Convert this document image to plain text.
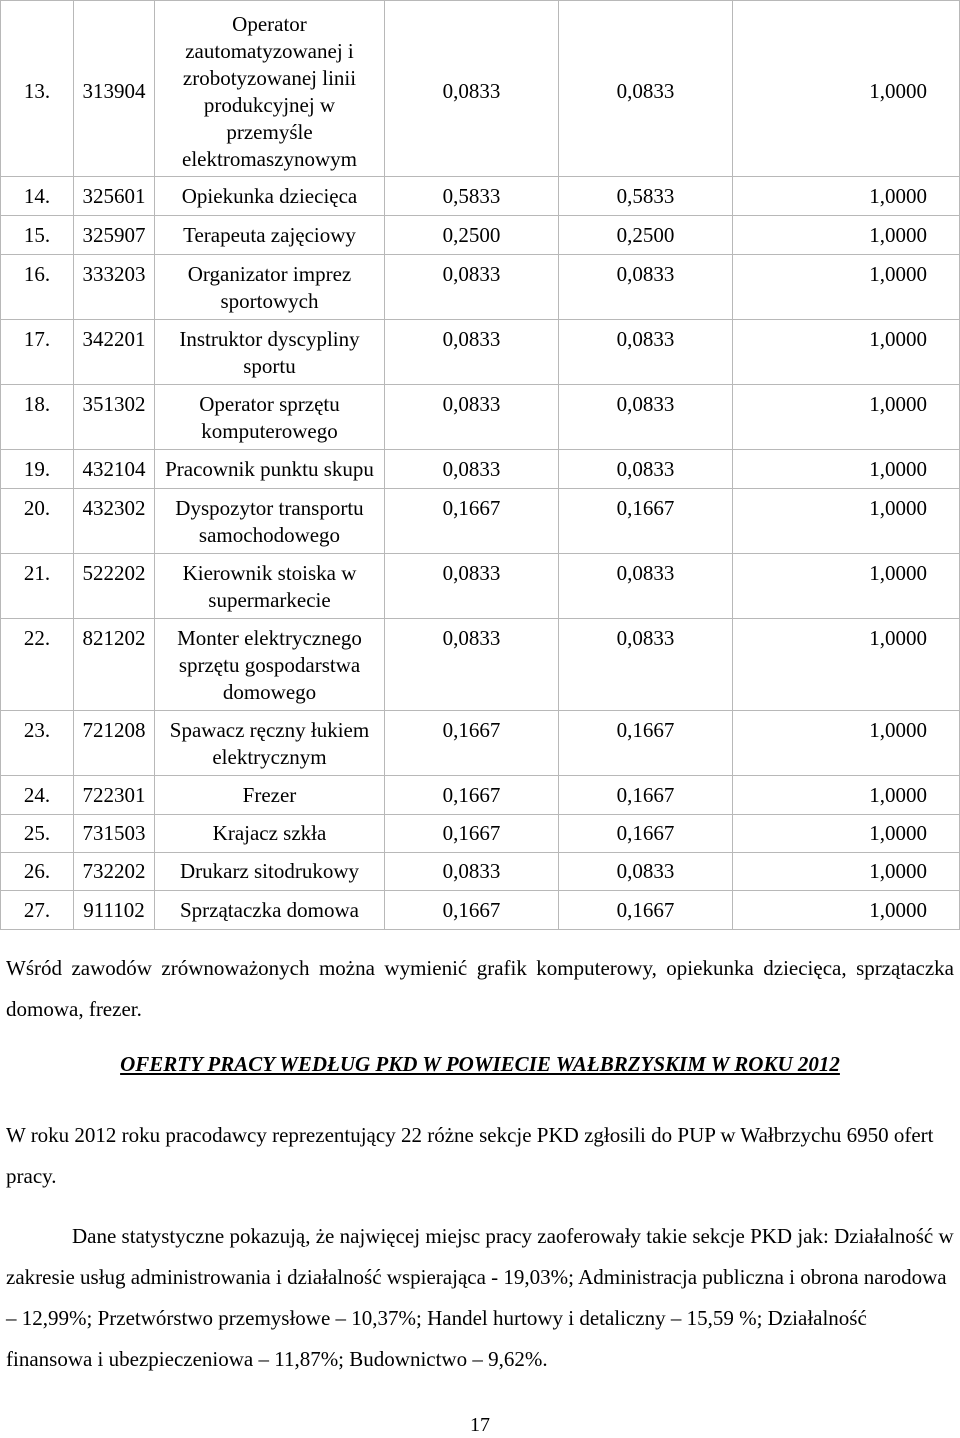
13.	313904	Operator zautomatyzowanej i zrobotyzowanej linii produkcyjnej w przemyśle elektromaszynowym	0,0833	0,0833	1,0000
14.	325601	Opiekunka dziecięca	0,5833	0,5833	1,0000
15.	325907	Terapeuta zajęciowy	0,2500	0,2500	1,0000
16.	333203	Organizator imprez sportowych	0,0833	0,0833	1,0000
17.	342201	Instruktor dyscypliny sportu	0,0833	0,0833	1,0000
18.	351302	Operator sprzętu komputerowego	0,0833	0,0833	1,0000
19.	432104	Pracownik punktu skupu	0,0833	0,0833	1,0000
20.	432302	Dyspozytor transportu samochodowego	0,1667	0,1667	1,0000
21.	522202	Kierownik stoiska w supermarkecie	0,0833	0,0833	1,0000
22.	821202	Monter elektrycznego sprzętu gospodarstwa domowego	0,0833	0,0833	1,0000
23.	721208	Spawacz ręczny łukiem elektrycznym	0,1667	0,1667	1,0000
24.	722301	Frezer	0,1667	0,1667	1,0000
25.	731503	Krajacz szkła	0,1667	0,1667	1,0000
26.	732202	Drukarz sitodrukowy	0,0833	0,0833	1,0000
27.	911102	Sprzątaczka domowa	0,1667	0,1667	1,0000

Wśród zawodów zrównoważonych można wymienić grafik komputerowy, opiekunka dziecięca, sprzątaczka domowa, frezer.

OFERTY PRACY WEDŁUG PKD W POWIECIE WAŁBRZYSKIM W ROKU 2012

W roku 2012 roku pracodawcy reprezentujący 22 różne sekcje PKD zgłosili do PUP w Wałbrzychu 6950 ofert pracy.

Dane statystyczne pokazują, że najwięcej miejsc pracy zaoferowały takie sekcje PKD jak: Działalność w zakresie usług administrowania i działalność wspierająca - 19,03%; Administracja publiczna i obrona narodowa – 12,99%; Przetwórstwo przemysłowe – 10,37%; Handel hurtowy i detaliczny – 15,59 %; Działalność finansowa i ubezpieczeniowa – 11,87%; Budownictwo – 9,62%.

17
